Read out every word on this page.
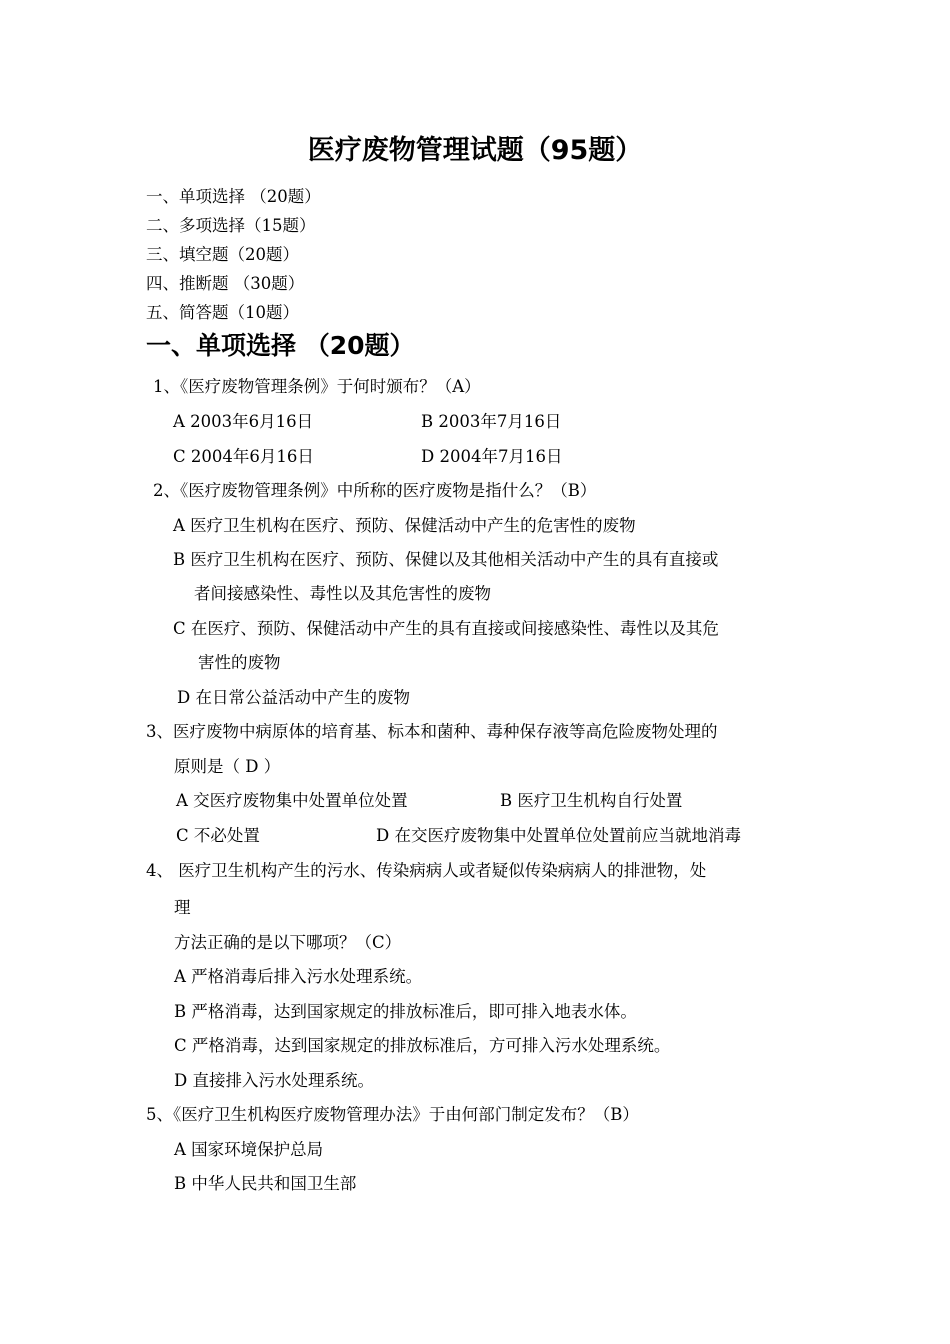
医疗废物管理试题（95题）
一、单项选择 （20题）
二、多项选择（15题）
三、填空题（20题）
四、推断题 （30题）
五、简答题（10题）
一、单项选择 （20题）
1、《医疗废物管理条例》于何时颁布？（A）
A 2003年6月16日	B 2003年7月16日
C 2004年6月16日	D 2004年7月16日
2、《医疗废物管理条例》中所称的医疗废物是指什么？（B）
A 医疗卫生机构在医疗、预防、保健活动中产生的危害性的废物
B 医疗卫生机构在医疗、预防、保健以及其他相关活动中产生的具有直接或
者间接感染性、毒性以及其危害性的废物
C 在医疗、预防、保健活动中产生的具有直接或间接感染性、毒性以及其危
害性的废物
D 在日常公益活动中产生的废物
3、医疗废物中病原体的培育基、标本和菌种、毒种保存液等高危险废物处理的
原则是（ D ）
A 交医疗废物集中处置单位处置	B 医疗卫生机构自行处置
C 不必处置	D 在交医疗废物集中处置单位处置前应当就地消毒
4、 医疗卫生机构产生的污水、传染病病人或者疑似传染病病人的排泄物，处
理
方法正确的是以下哪项？（C）
A 严格消毒后排入污水处理系统。
B 严格消毒，达到国家规定的排放标准后，即可排入地表水体。
C 严格消毒，达到国家规定的排放标准后，方可排入污水处理系统。
D 直接排入污水处理系统。
5、《医疗卫生机构医疗废物管理办法》于由何部门制定发布？（B）
A 国家环境保护总局
B 中华人民共和国卫生部
